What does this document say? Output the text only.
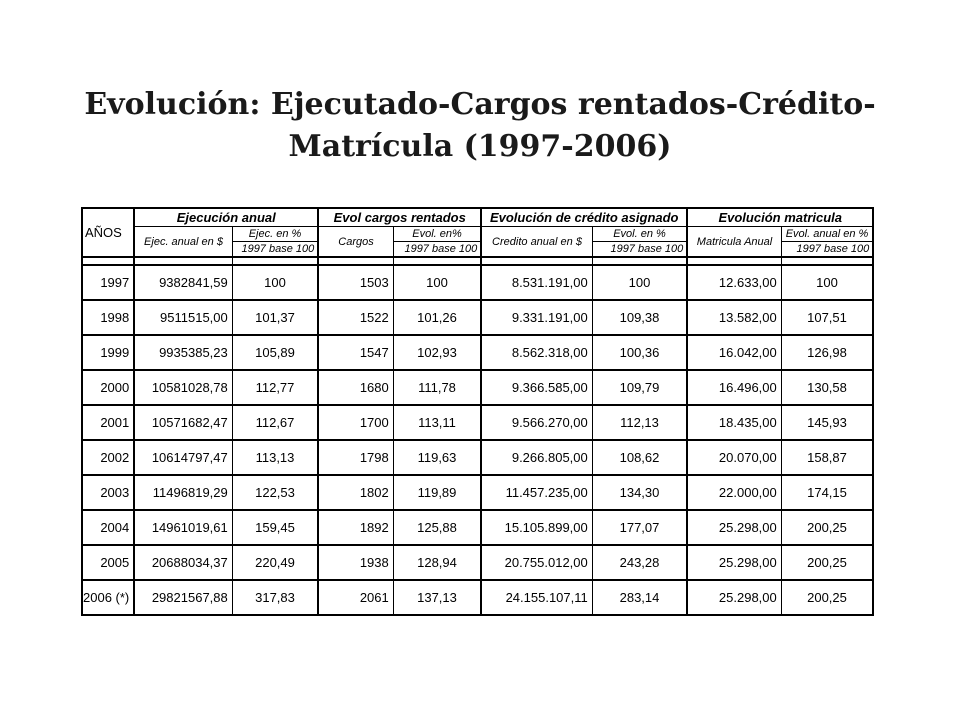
Evolución: Ejecutado-Cargos rentados-Crédito-
Matrícula (1997-2006)
AÑOS	Ejecución anual		Evol cargos rentados		Evolución de crédito asignado		Evolución matricula	
	Ejec. anual en $	Ejec. en %	Cargos	Evol. en%	Credito anual en $	Evol. en %	Matricula Anual	Evol. anual en %
		1997 base 100		1997 base 100		1997 base 100		1997 base 100

1997	9382841,59	100	1503	100	8.531.191,00	100	12.633,00	100
1998	9511515,00	101,37	1522	101,26	9.331.191,00	109,38	13.582,00	107,51
1999	9935385,23	105,89	1547	102,93	8.562.318,00	100,36	16.042,00	126,98
2000	10581028,78	112,77	1680	111,78	9.366.585,00	109,79	16.496,00	130,58
2001	10571682,47	112,67	1700	113,11	9.566.270,00	112,13	18.435,00	145,93
2002	10614797,47	113,13	1798	119,63	9.266.805,00	108,62	20.070,00	158,87
2003	11496819,29	122,53	1802	119,89	11.457.235,00	134,30	22.000,00	174,15
2004	14961019,61	159,45	1892	125,88	15.105.899,00	177,07	25.298,00	200,25
2005	20688034,37	220,49	1938	128,94	20.755.012,00	243,28	25.298,00	200,25
2006 (*)	29821567,88	317,83	2061	137,13	24.155.107,11	283,14	25.298,00	200,25
